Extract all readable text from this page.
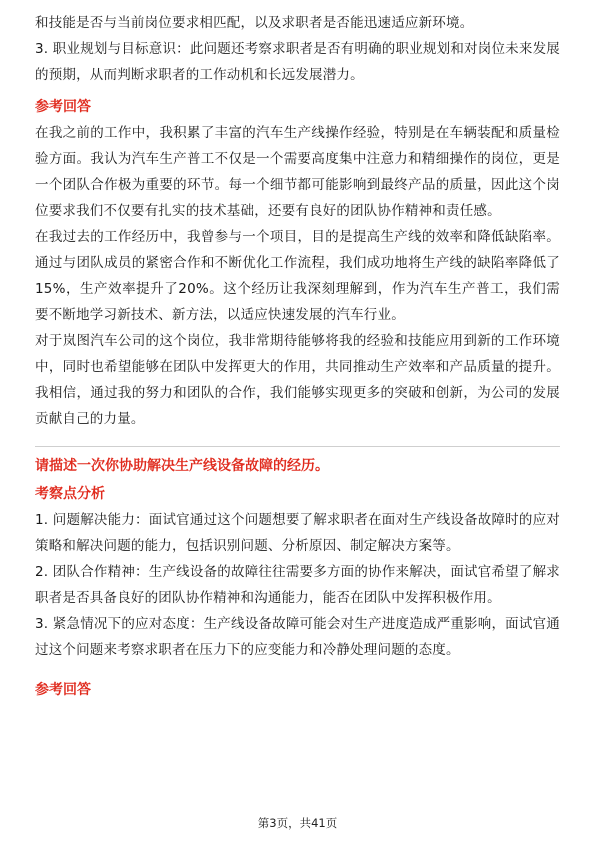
和技能是否与当前岗位要求相匹配，以及求职者是否能迅速适应新环境。

3. 职业规划与目标意识：此问题还考察求职者是否有明确的职业规划和对岗位未来发展的预期，从而判断求职者的工作动机和长远发展潜力。

参考回答

在我之前的工作中，我积累了丰富的汽车生产线操作经验，特别是在车辆装配和质量检验方面。我认为汽车生产普工不仅是一个需要高度集中注意力和精细操作的岗位，更是一个团队合作极为重要的环节。每一个细节都可能影响到最终产品的质量，因此这个岗位要求我们不仅要有扎实的技术基础，还要有良好的团队协作精神和责任感。

在我过去的工作经历中，我曾参与一个项目，目的是提高生产线的效率和降低缺陷率。通过与团队成员的紧密合作和不断优化工作流程，我们成功地将生产线的缺陷率降低了15%，生产效率提升了20%。这个经历让我深刻理解到，作为汽车生产普工，我们需要不断地学习新技术、新方法，以适应快速发展的汽车行业。

对于岚图汽车公司的这个岗位，我非常期待能够将我的经验和技能应用到新的工作环境中，同时也希望能够在团队中发挥更大的作用，共同推动生产效率和产品质量的提升。我相信，通过我的努力和团队的合作，我们能够实现更多的突破和创新，为公司的发展贡献自己的力量。

请描述一次你协助解决生产线设备故障的经历。
考察点分析

1. 问题解决能力：面试官通过这个问题想要了解求职者在面对生产线设备故障时的应对策略和解决问题的能力，包括识别问题、分析原因、制定解决方案等。

2. 团队合作精神：生产线设备的故障往往需要多方面的协作来解决，面试官希望了解求职者是否具备良好的团队协作精神和沟通能力，能否在团队中发挥积极作用。

3. 紧急情况下的应对态度：生产线设备故障可能会对生产进度造成严重影响，面试官通过这个问题来考察求职者在压力下的应变能力和冷静处理问题的态度。

参考回答
第3页，共41页
